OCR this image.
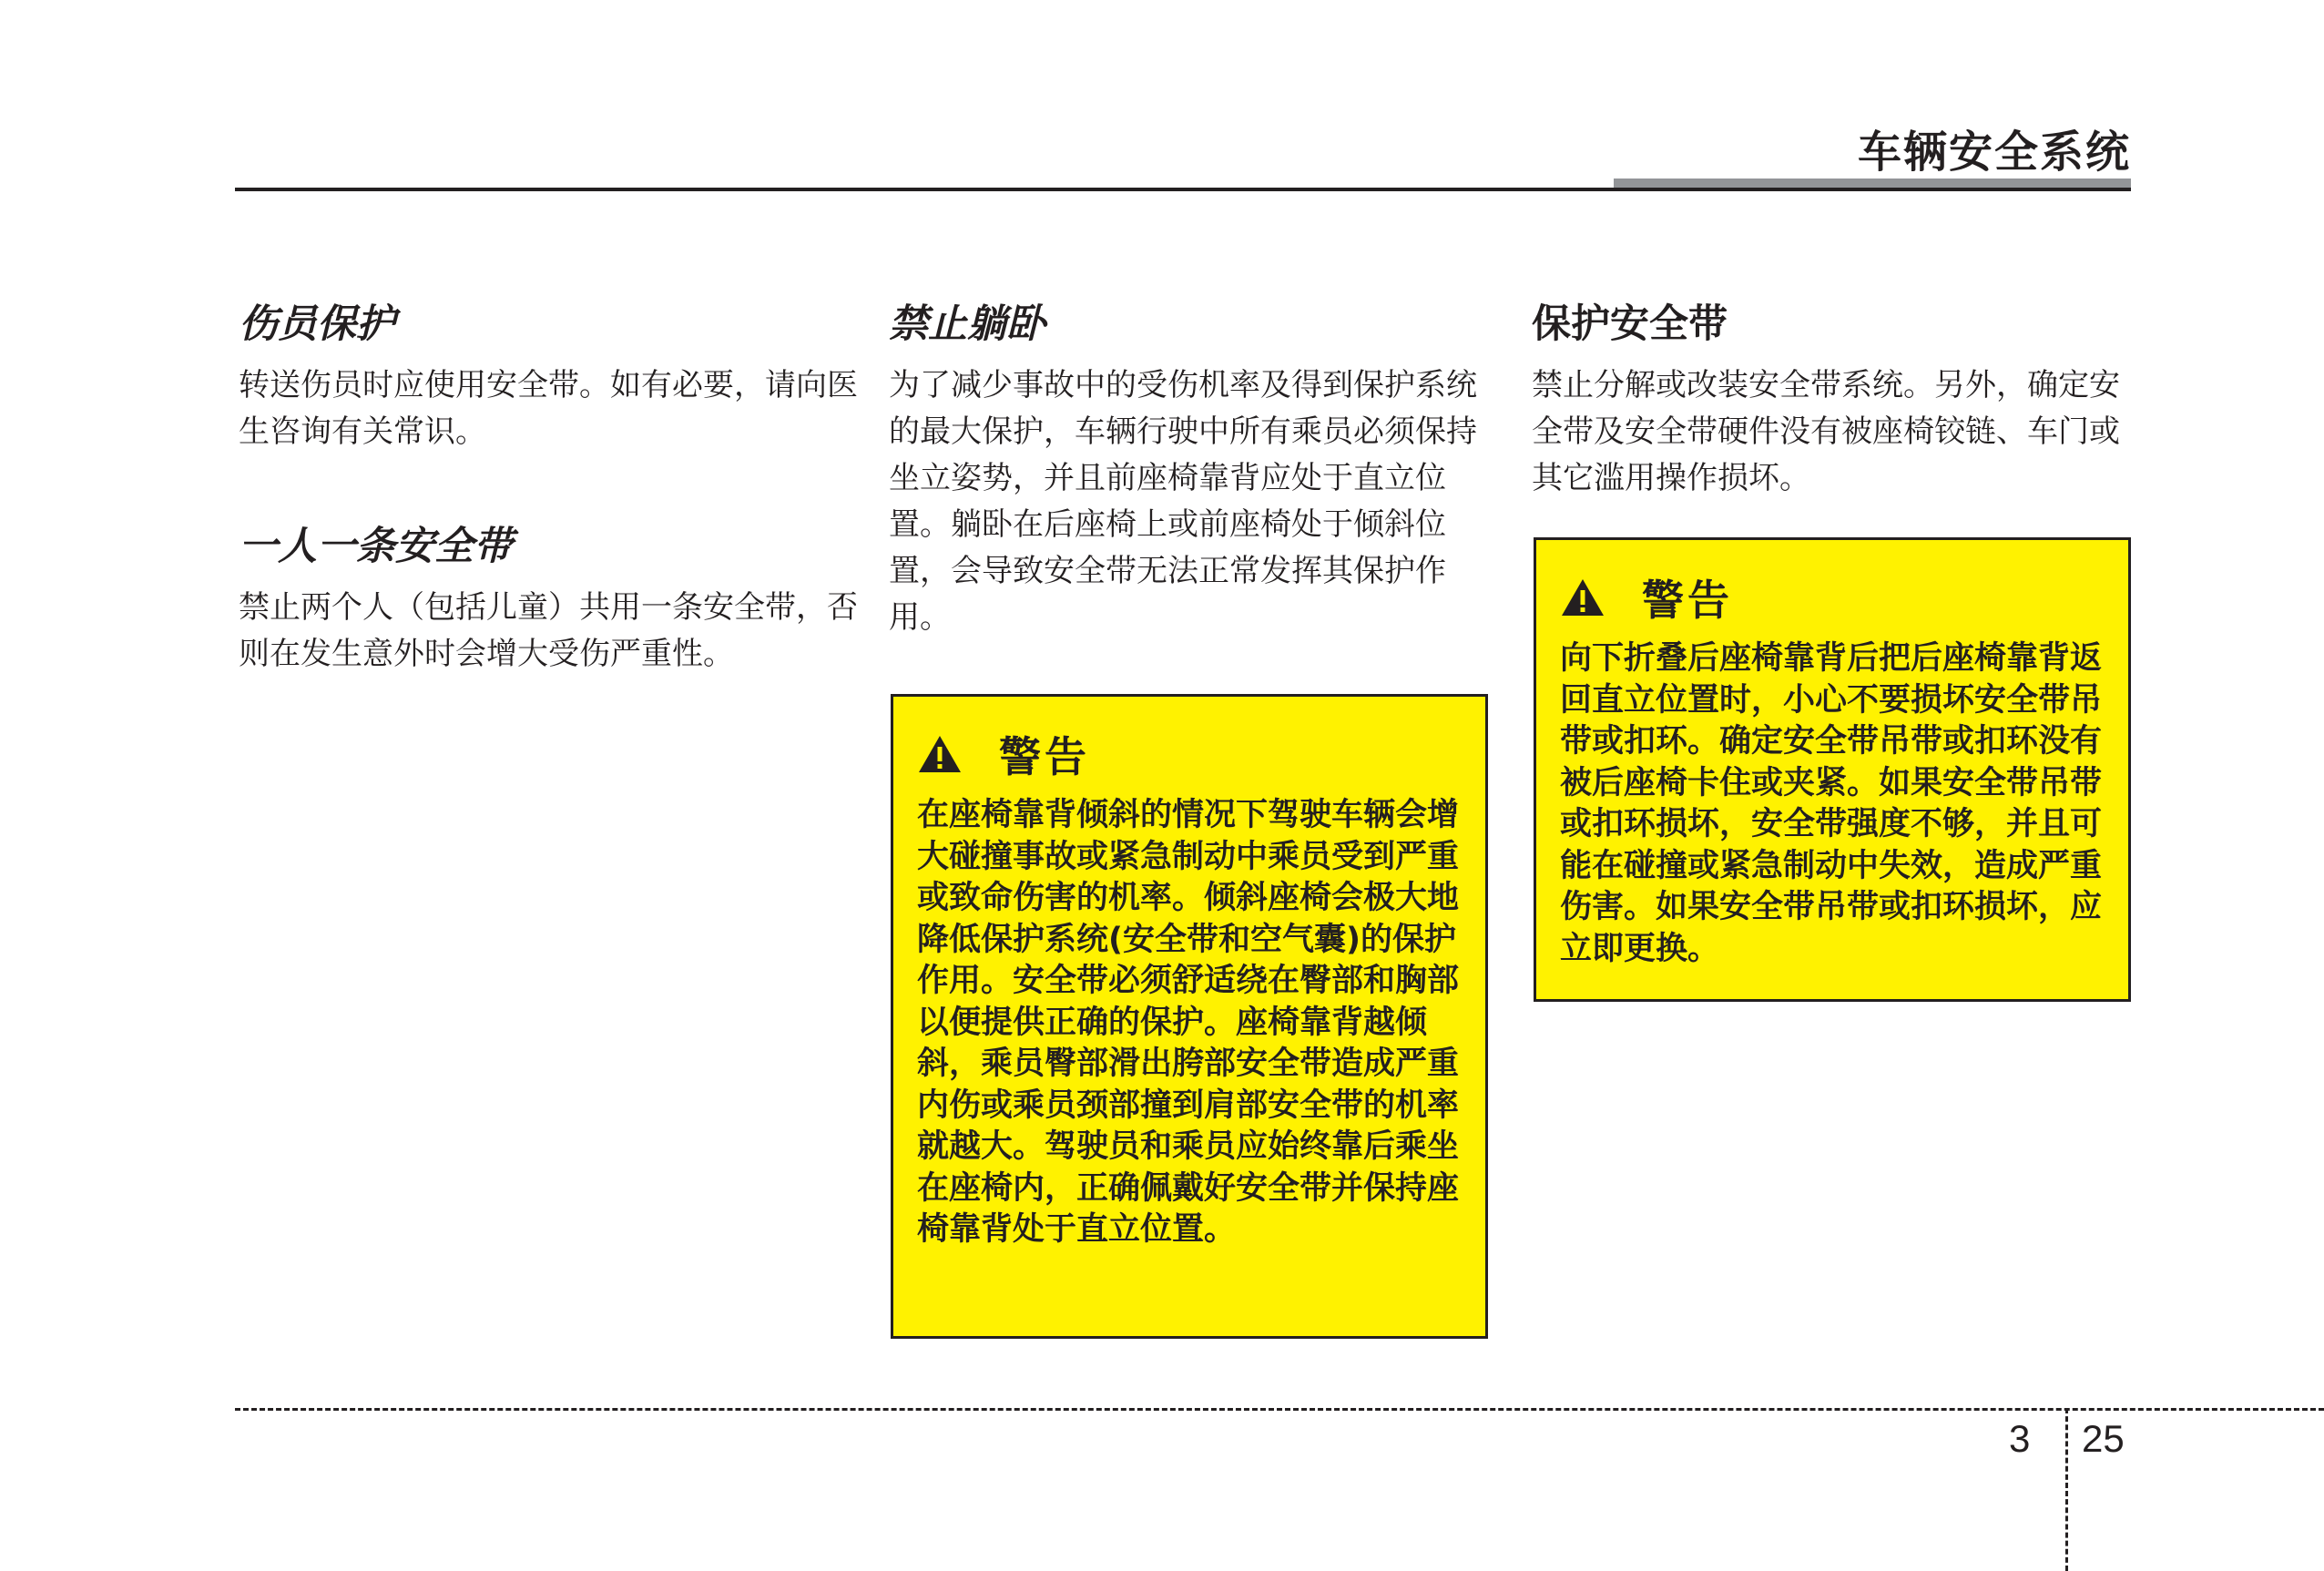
车辆安全系统
伤员保护

转送伤员时应使用安全带。如有必要，请向医生咨询有关常识。

一人一条安全带

禁止两个人（包括儿童）共用一条安全带，否则在发生意外时会增大受伤严重性。

禁止躺卧

为了减少事故中的受伤机率及得到保护系统的最大保护，车辆行驶中所有乘员必须保持坐立姿势，并且前座椅靠背应处于直立位置。躺卧在后座椅上或前座椅处于倾斜位置，会导致安全带无法正常发挥其保护作用。

警告

在座椅靠背倾斜的情况下驾驶车辆会增大碰撞事故或紧急制动中乘员受到严重或致命伤害的机率。倾斜座椅会极大地降低保护系统(安全带和空气囊)的保护作用。安全带必须舒适绕在臀部和胸部以便提供正确的保护。座椅靠背越倾斜，乘员臀部滑出胯部安全带造成严重内伤或乘员颈部撞到肩部安全带的机率就越大。驾驶员和乘员应始终靠后乘坐在座椅内，正确佩戴好安全带并保持座椅靠背处于直立位置。

保护安全带

禁止分解或改装安全带系统。另外，确定安全带及安全带硬件没有被座椅铰链、车门或其它滥用操作损坏。

警告

向下折叠后座椅靠背后把后座椅靠背返回直立位置时，小心不要损坏安全带吊带或扣环。确定安全带吊带或扣环没有被后座椅卡住或夹紧。如果安全带吊带或扣环损坏，安全带强度不够，并且可能在碰撞或紧急制动中失效，造成严重伤害。如果安全带吊带或扣环损坏，应立即更换。

3 25
